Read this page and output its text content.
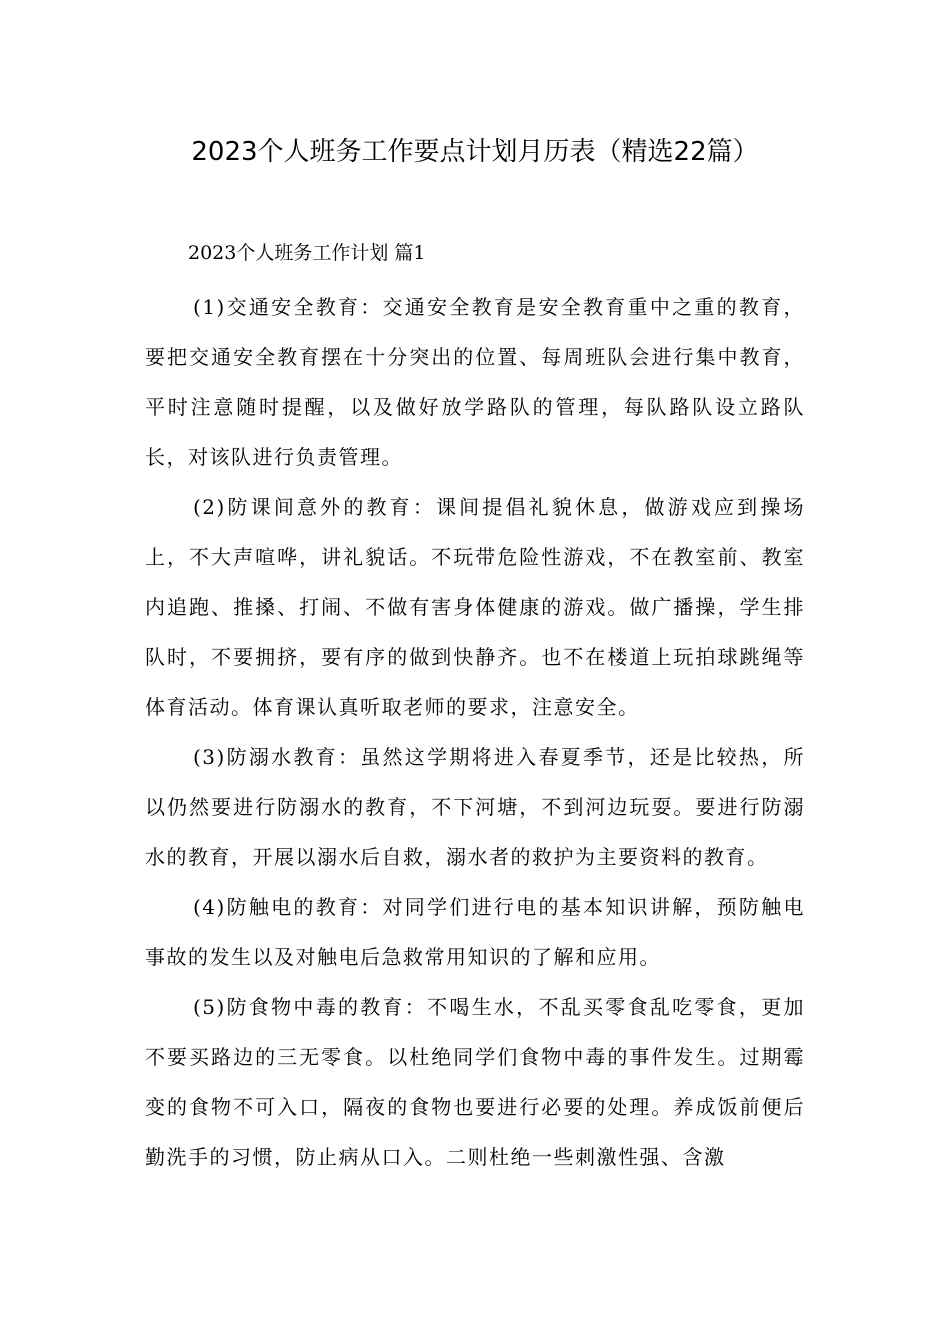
2023个人班务工作要点计划月历表（精选22篇）
2023个人班务工作计划 篇1

(1)交通安全教育：交通安全教育是安全教育重中之重的教育，要把交通安全教育摆在十分突出的位置、每周班队会进行集中教育，平时注意随时提醒，以及做好放学路队的管理，每队路队设立路队长，对该队进行负责管理。

(2)防课间意外的教育：课间提倡礼貌休息，做游戏应到操场上，不大声喧哗，讲礼貌话。不玩带危险性游戏，不在教室前、教室内追跑、推搡、打闹、不做有害身体健康的游戏。做广播操，学生排队时，不要拥挤，要有序的做到快静齐。也不在楼道上玩拍球跳绳等体育活动。体育课认真听取老师的要求，注意安全。

(3)防溺水教育：虽然这学期将进入春夏季节，还是比较热，所以仍然要进行防溺水的教育，不下河塘，不到河边玩耍。要进行防溺水的教育，开展以溺水后自救，溺水者的救护为主要资料的教育。

(4)防触电的教育：对同学们进行电的基本知识讲解，预防触电事故的发生以及对触电后急救常用知识的了解和应用。

(5)防食物中毒的教育：不喝生水，不乱买零食乱吃零食，更加不要买路边的三无零食。以杜绝同学们食物中毒的事件发生。过期霉变的食物不可入口，隔夜的食物也要进行必要的处理。养成饭前便后勤洗手的习惯，防止病从口入。二则杜绝一些刺激性强、含激
